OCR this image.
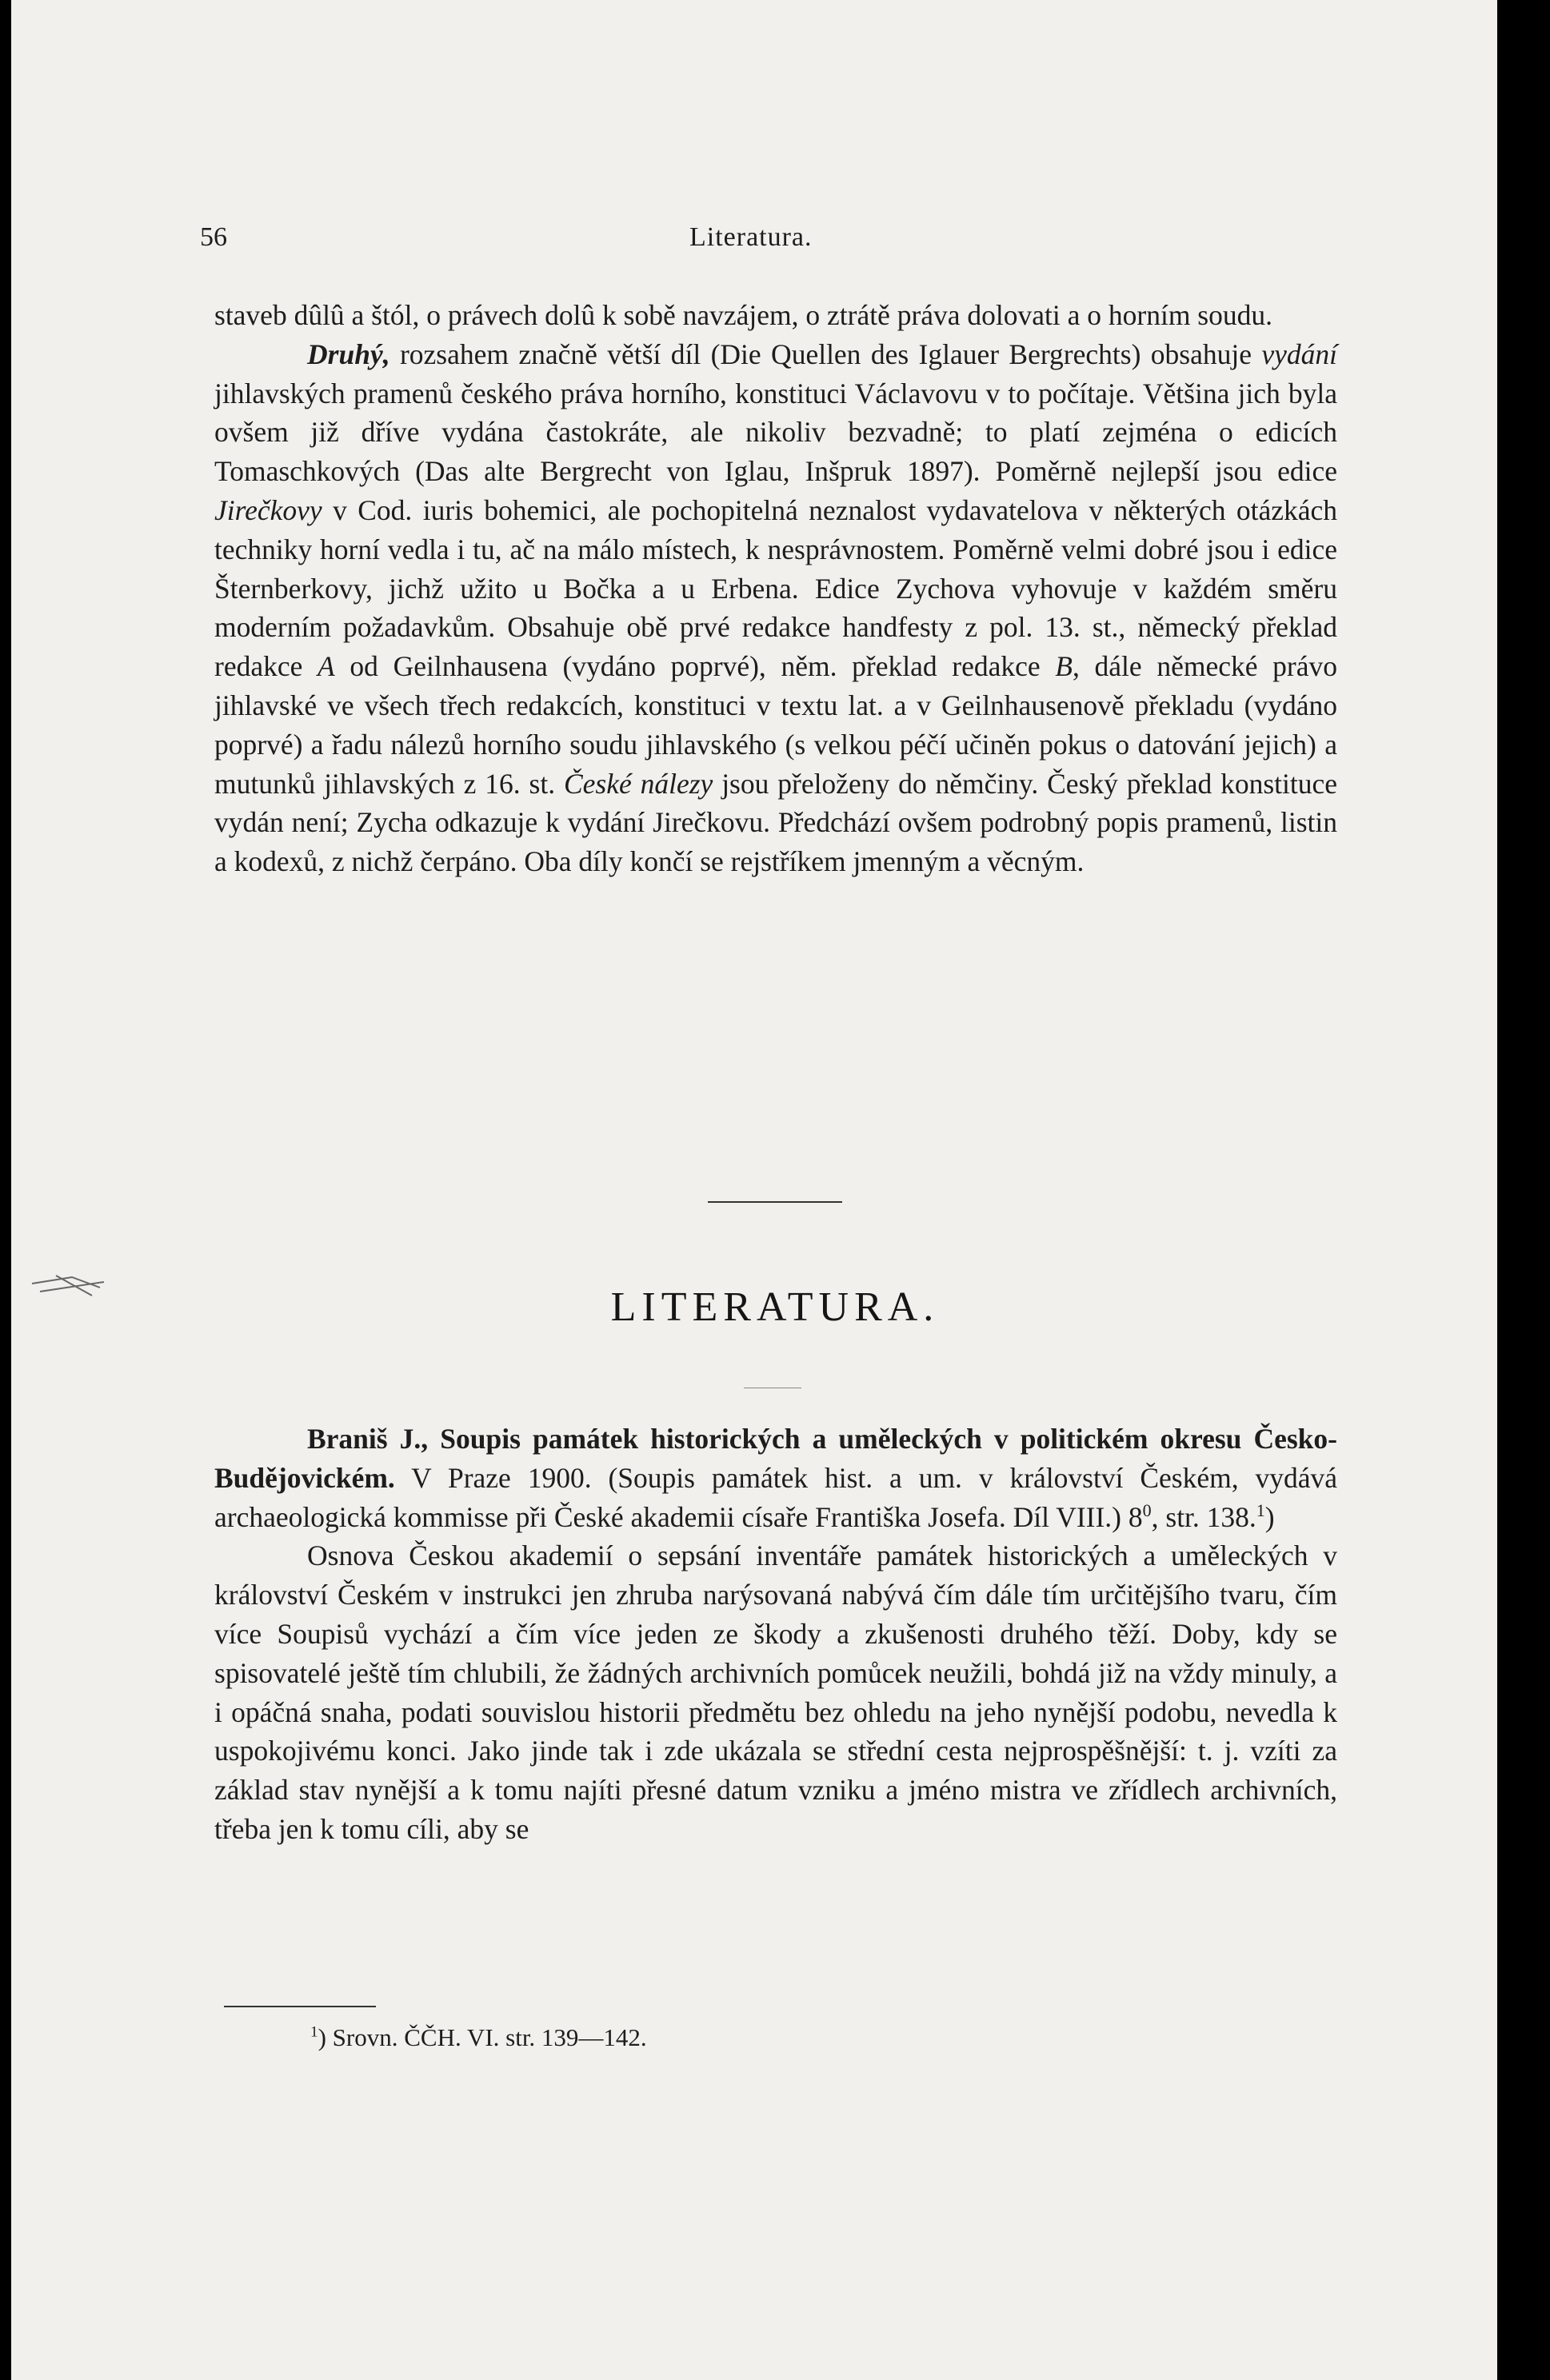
56	Literatura.

staveb dûlû a štól, o právech dolû k sobě navzájem, o ztrátě práva dolovati a o horním soudu.

Druhý, rozsahem značně větší díl (Die Quellen des Iglauer Bergrechts) obsahuje vydání jihlavských pramenů českého práva horního, konstituci Václavovu v to počítaje. Většina jich byla ovšem již dříve vydána častokráte, ale nikoliv bezvadně; to platí zejména o edicích Tomaschkových (Das alte Bergrecht von Iglau, Inšpruk 1897). Poměrně nejlepší jsou edice Jirečkovy v Cod. iuris bohemici, ale pochopitelná neznalost vydavatelova v některých otázkách techniky horní vedla i tu, ač na málo místech, k nesprávnostem. Poměrně velmi dobré jsou i edice Šternberkovy, jichž užito u Bočka a u Erbena. Edice Zychova vyhovuje v každém směru moderním požadavkům. Obsahuje obě prvé redakce handfesty z pol. 13. st., německý překlad redakce A od Geilnhausena (vydáno poprvé), něm. překlad redakce B, dále německé právo jihlavské ve všech třech redakcích, konstituci v textu lat. a v Geilnhausenově překladu (vydáno poprvé) a řadu nálezů horního soudu jihlavského (s velkou péčí učiněn pokus o datování jejich) a mutunků jihlavských z 16. st. České nálezy jsou přeloženy do němčiny. Český překlad konstituce vydán není; Zycha odkazuje k vydání Jirečkovu. Předchází ovšem podrobný popis pramenů, listin a kodexů, z nichž čerpáno. Oba díly končí se rejstříkem jmenným a věcným.

LITERATURA.

Braniš J., Soupis památek historických a uměleckých v politickém okresu Česko-Budějovickém. V Praze 1900. (Soupis památek hist. a um. v království Českém, vydává archaeologická kommisse při České akademii císaře Františka Josefa. Díl VIII.) $8^0$, str. 138.$^1$)

Osnova Českou akademií o sepsání inventáře památek historických a uměleckých v království Českém v instrukci jen zhruba narýsovaná nabývá čím dále tím určitějšího tvaru, čím více Soupisů vychází a čím více jeden ze škody a zkušenosti druhého těží. Doby, kdy se spisovatelé ještě tím chlubili, že žádných archivních pomůcek neužili, bohdá již na vždy minuly, a i opáčná snaha, podati souvislou historii předmětu bez ohledu na jeho nynější podobu, nevedla k uspokojivému konci. Jako jinde tak i zde ukázala se střední cesta nejprospěšnější: t. j. vzíti za základ stav nynější a k tomu najíti přesné datum vzniku a jméno mistra ve zřídlech archivních, třeba jen k tomu cíli, aby se

$^1$) Srovn. ČČH. VI. str. 139—142.
